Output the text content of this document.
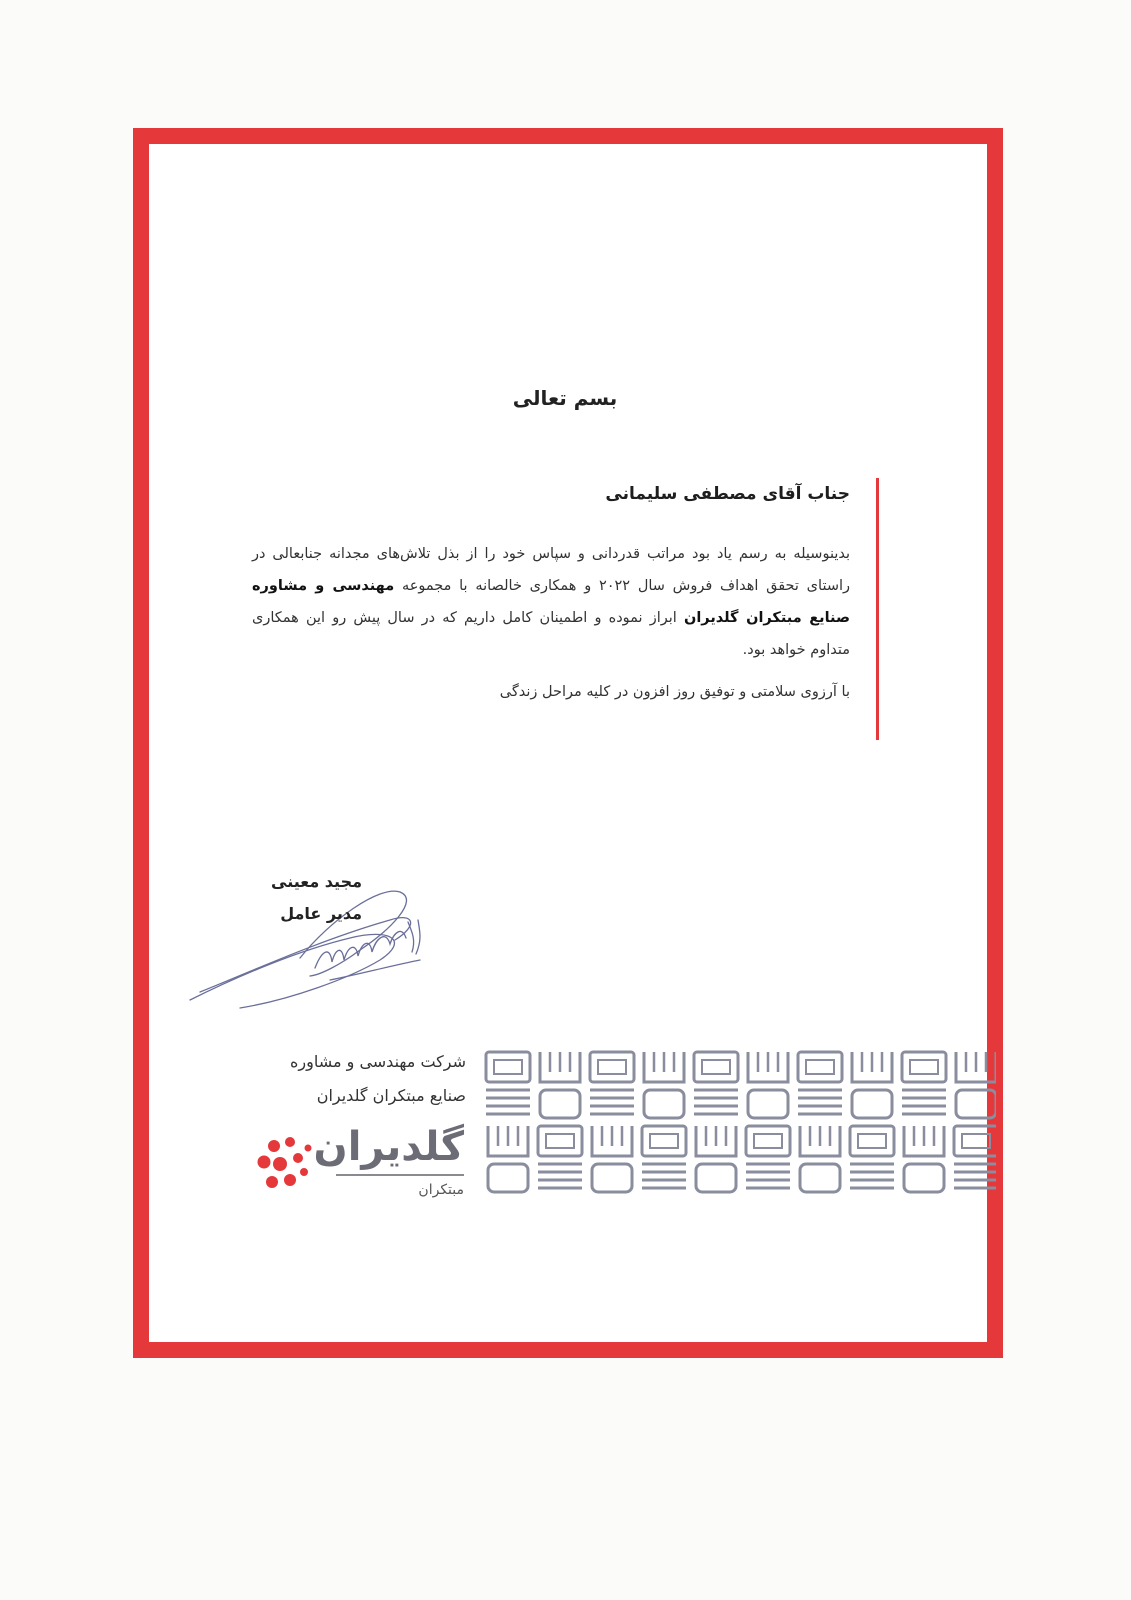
بسم تعالی
جناب آقای مصطفی سلیمانی
بدینوسیله به رسم یاد بود مراتب قدردانی و سپاس خود را از بذل تلاش‌های مجدانه جنابعالی در راستای تحقق اهداف فروش سال ۲۰۲۲ و همکاری خالصانه با مجموعه مهندسی و مشاوره صنایع مبتکران گلدیران ابراز نموده و اطمینان کامل داریم که در سال پیش رو این همکاری متداوم خواهد بود.
با آرزوی سلامتی و توفیق روز افزون در کلیه مراحل زندگی
مجید معینی
مدیر عامل
شرکت مهندسی و مشاوره
صنایع مبتکران گلدیران
گلدیران
مبتکران
